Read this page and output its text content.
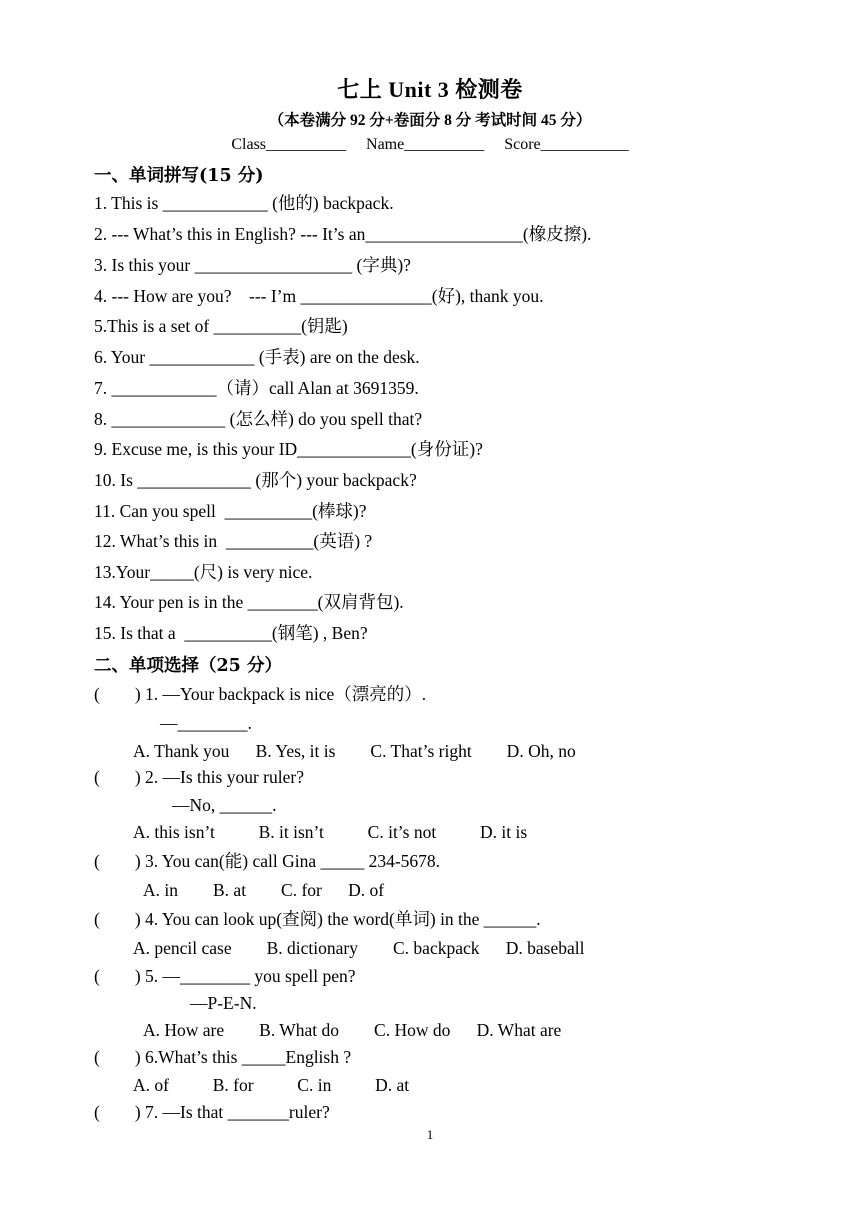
七上 Unit 3 检测卷
（本卷满分 92 分+卷面分 8 分 考试时间 45 分）
Class__________     Name__________     Score___________
一、单词拼写(15 分)
1. This is ____________ (他的) backpack.
2. --- What’s this in English? --- It’s an__________________(橡皮擦).
3. Is this your __________________ (字典)?
4. --- How are you?    --- I’m _______________(好), thank you.
5.This is a set of __________(钥匙)
6. Your ____________ (手表) are on the desk.
7. ____________（请）call Alan at 3691359.
8. _____________ (怎么样) do you spell that?
9. Excuse me, is this your ID_____________(身份证)?
10. Is _____________ (那个) your backpack?
11. Can you spell  __________(棒球)?
12. What’s this in  __________(英语) ?
13.Your_____(尺) is very nice.
14. Your pen is in the ________(双肩背包).
15. Is that a  __________(钢笔) , Ben?
二、单项选择（25 分）
(        ) 1. —Your backpack is nice（漂亮的）.
—________.
A. Thank you      B. Yes, it is        C. That’s right        D. Oh, no
(        ) 2. —Is this your ruler?
—No, ______.
A. this isn’t          B. it isn’t          C. it’s not          D. it is
(        ) 3. You can(能) call Gina _____ 234-5678.
A. in        B. at        C. for      D. of
(        ) 4. You can look up(查阅) the word(单词) in the ______.
A. pencil case        B. dictionary        C. backpack      D. baseball
(        ) 5. —________ you spell pen?
—P-E-N.
A. How are        B. What do        C. How do      D. What are
(        ) 6.What’s this _____English ?
A. of          B. for          C. in          D. at
(        ) 7. —Is that _______ruler?
1
